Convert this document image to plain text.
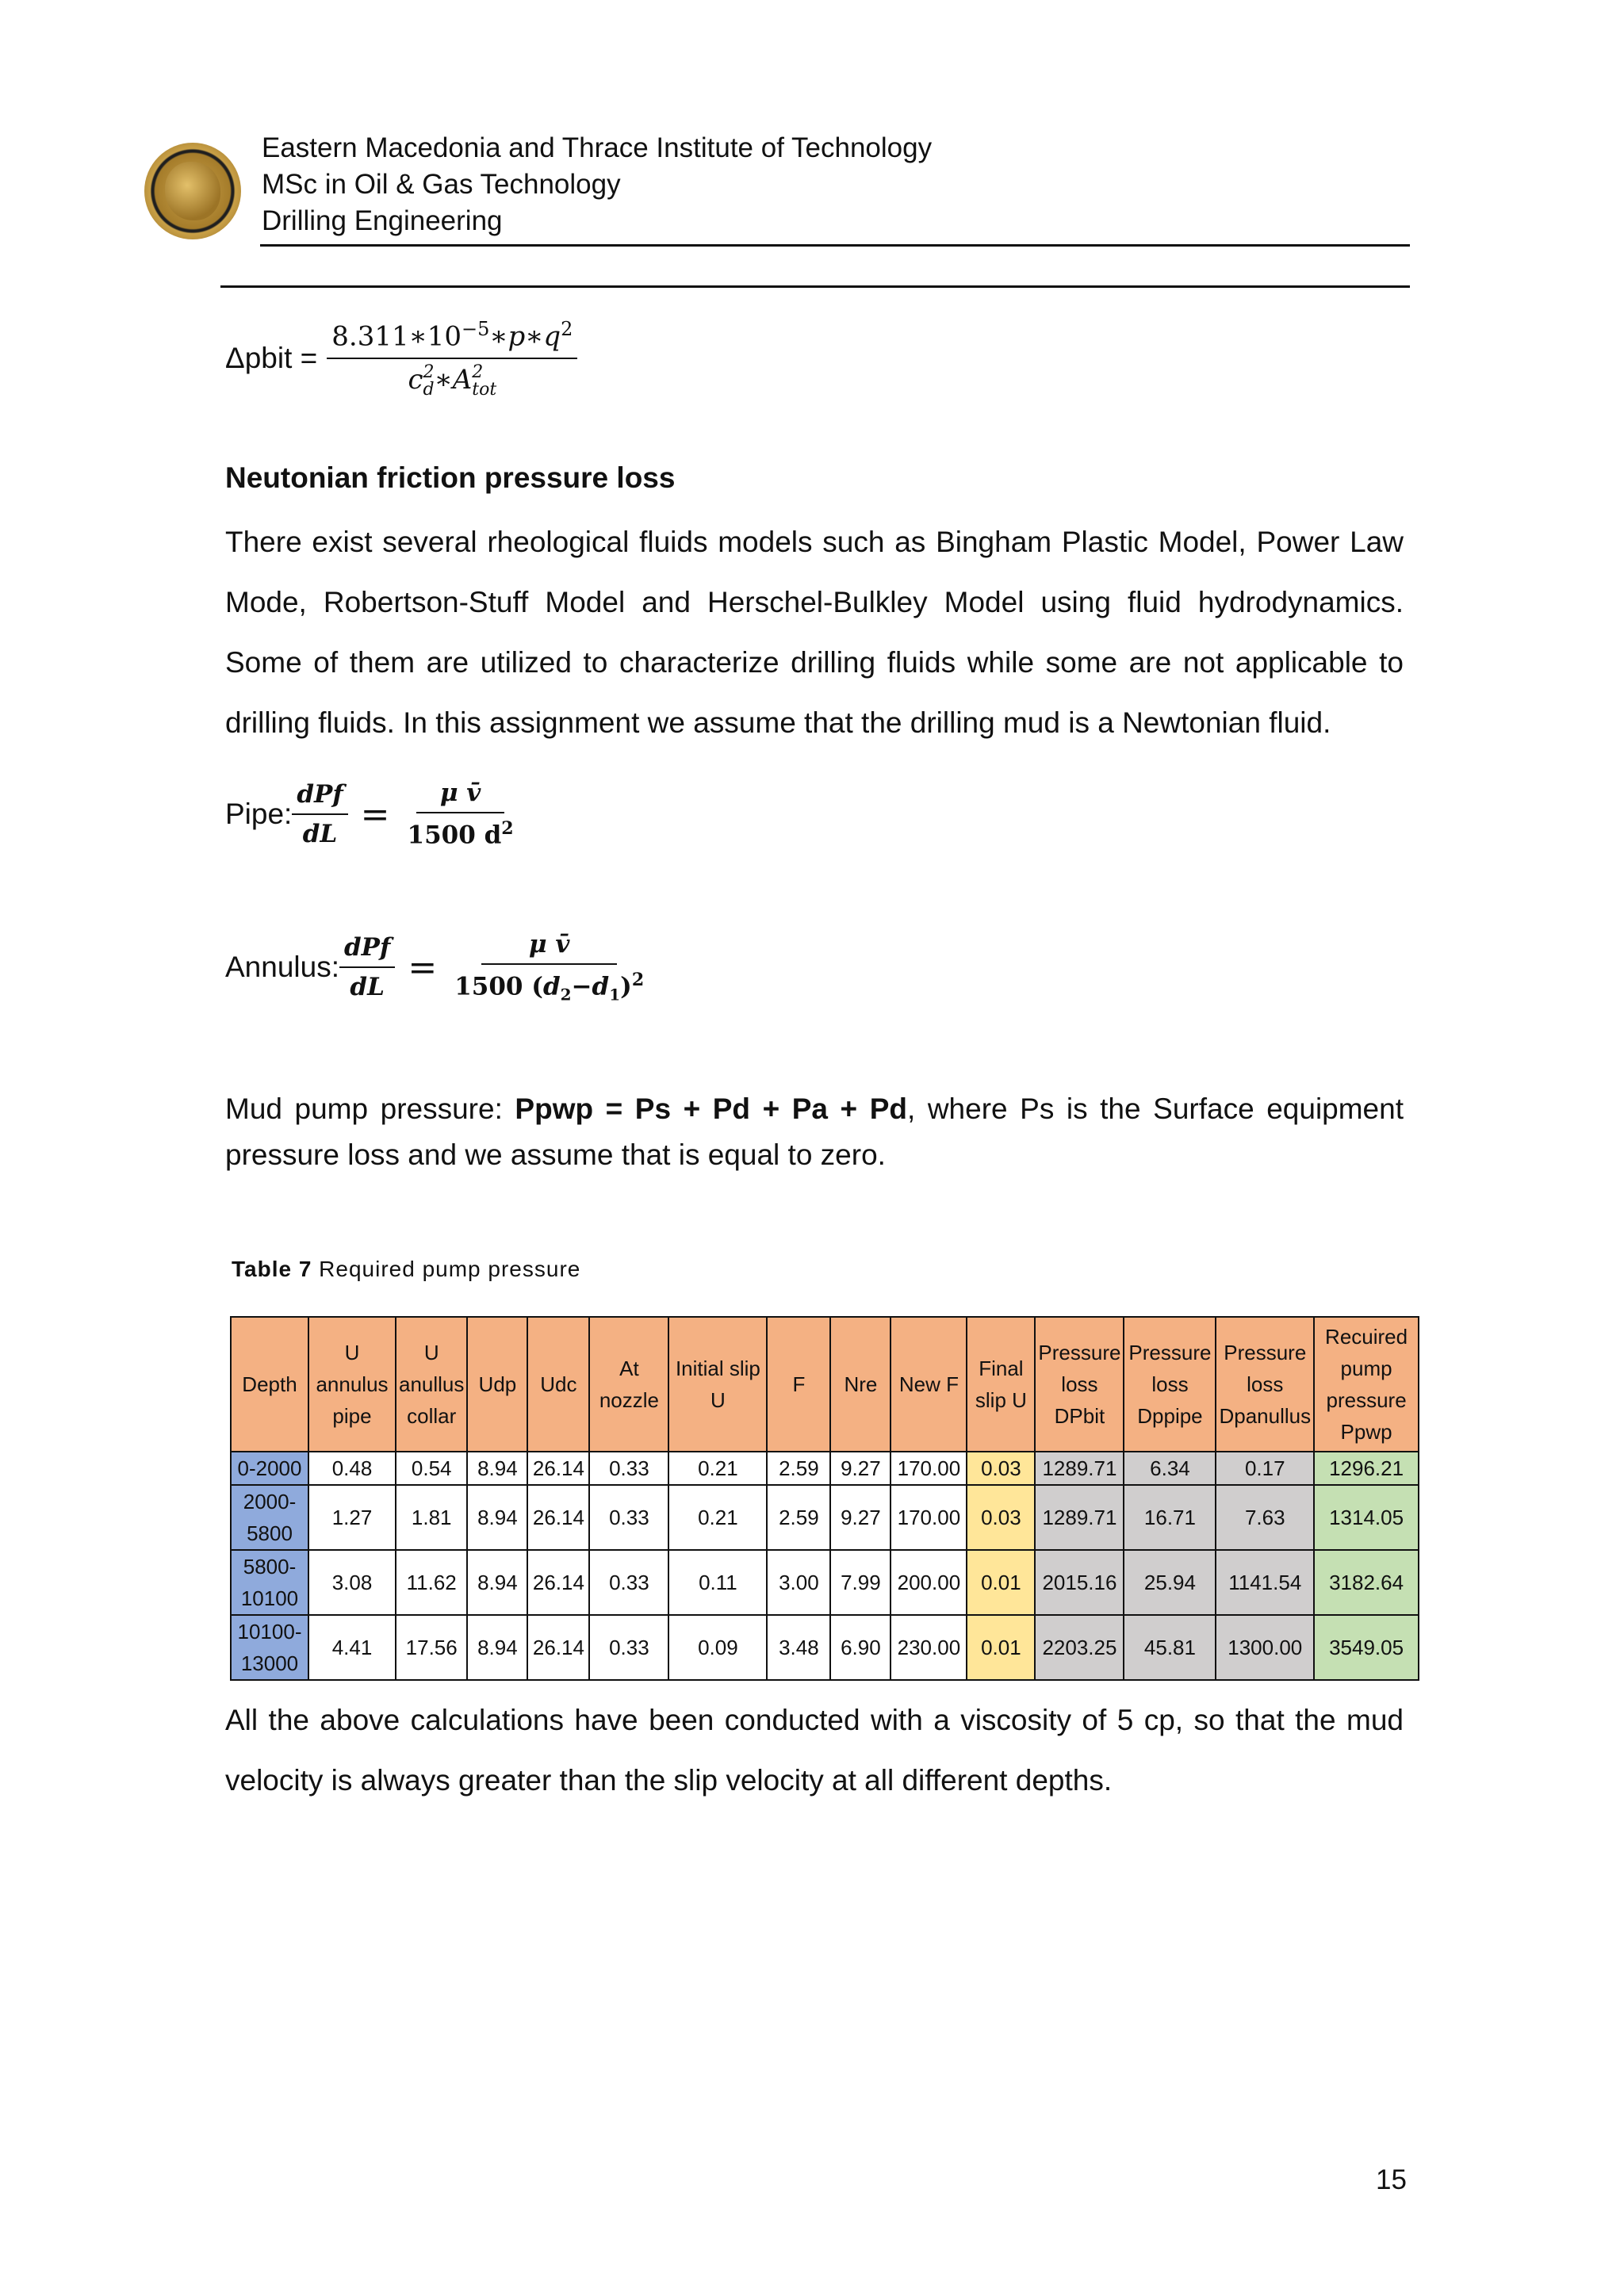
Eastern Macedonia and Thrace Institute of Technology
MSc in Oil & Gas Technology
Drilling Engineering
Δpbit = $8.311∗10^{-5}∗p∗q^2$
c 2
d ∗A 2
tot
Neutonian friction pressure loss
There exist several rheological fluids models such as Bingham Plastic Model, Power Law Mode, Robertson-Stuff Model and Herschel-Bulkley Model using fluid hydrodynamics. Some of them are utilized to characterize drilling fluids while some are not applicable to drilling fluids. In this assignment we assume that the drilling mud is a Newtonian fluid.
Pipe: $\frac{\text{dPf}}{dL} = \frac{\text{μ v̄}}{1500 d^2}$
Annulus: $\frac{\text{dPf}}{dL} = \frac{\text{μ v̄}}{1500 (d_2-d_1)^2}$
Mud pump pressure: Ppwp = Ps + Pd + Pa + Pd, where Ps is the Surface equipment pressure loss and we assume that is equal to zero.
Table 7 Required pump pressure
Depth	U annulus pipe	U anullus collar	Udp	Udc	At nozzle	Initial slip U	F	Nre	New F	Final slip U	Pressure loss DPbit	Pressure loss Dppipe	Pressure loss Dpanullus	Recuired pump pressure Ppwp
0-2000	0.48	0.54	8.94	26.14	0.33	0.21	2.59	9.27	170.00	0.03	1289.71	6.34	0.17	1296.21
2000-5800	1.27	1.81	8.94	26.14	0.33	0.21	2.59	9.27	170.00	0.03	1289.71	16.71	7.63	1314.05
5800-10100	3.08	11.62	8.94	26.14	0.33	0.11	3.00	7.99	200.00	0.01	2015.16	25.94	1141.54	3182.64
10100-13000	4.41	17.56	8.94	26.14	0.33	0.09	3.48	6.90	230.00	0.01	2203.25	45.81	1300.00	3549.05
All the above calculations have been conducted with a viscosity of 5 cp, so that the mud velocity is always greater than the slip velocity at all different depths.
15
